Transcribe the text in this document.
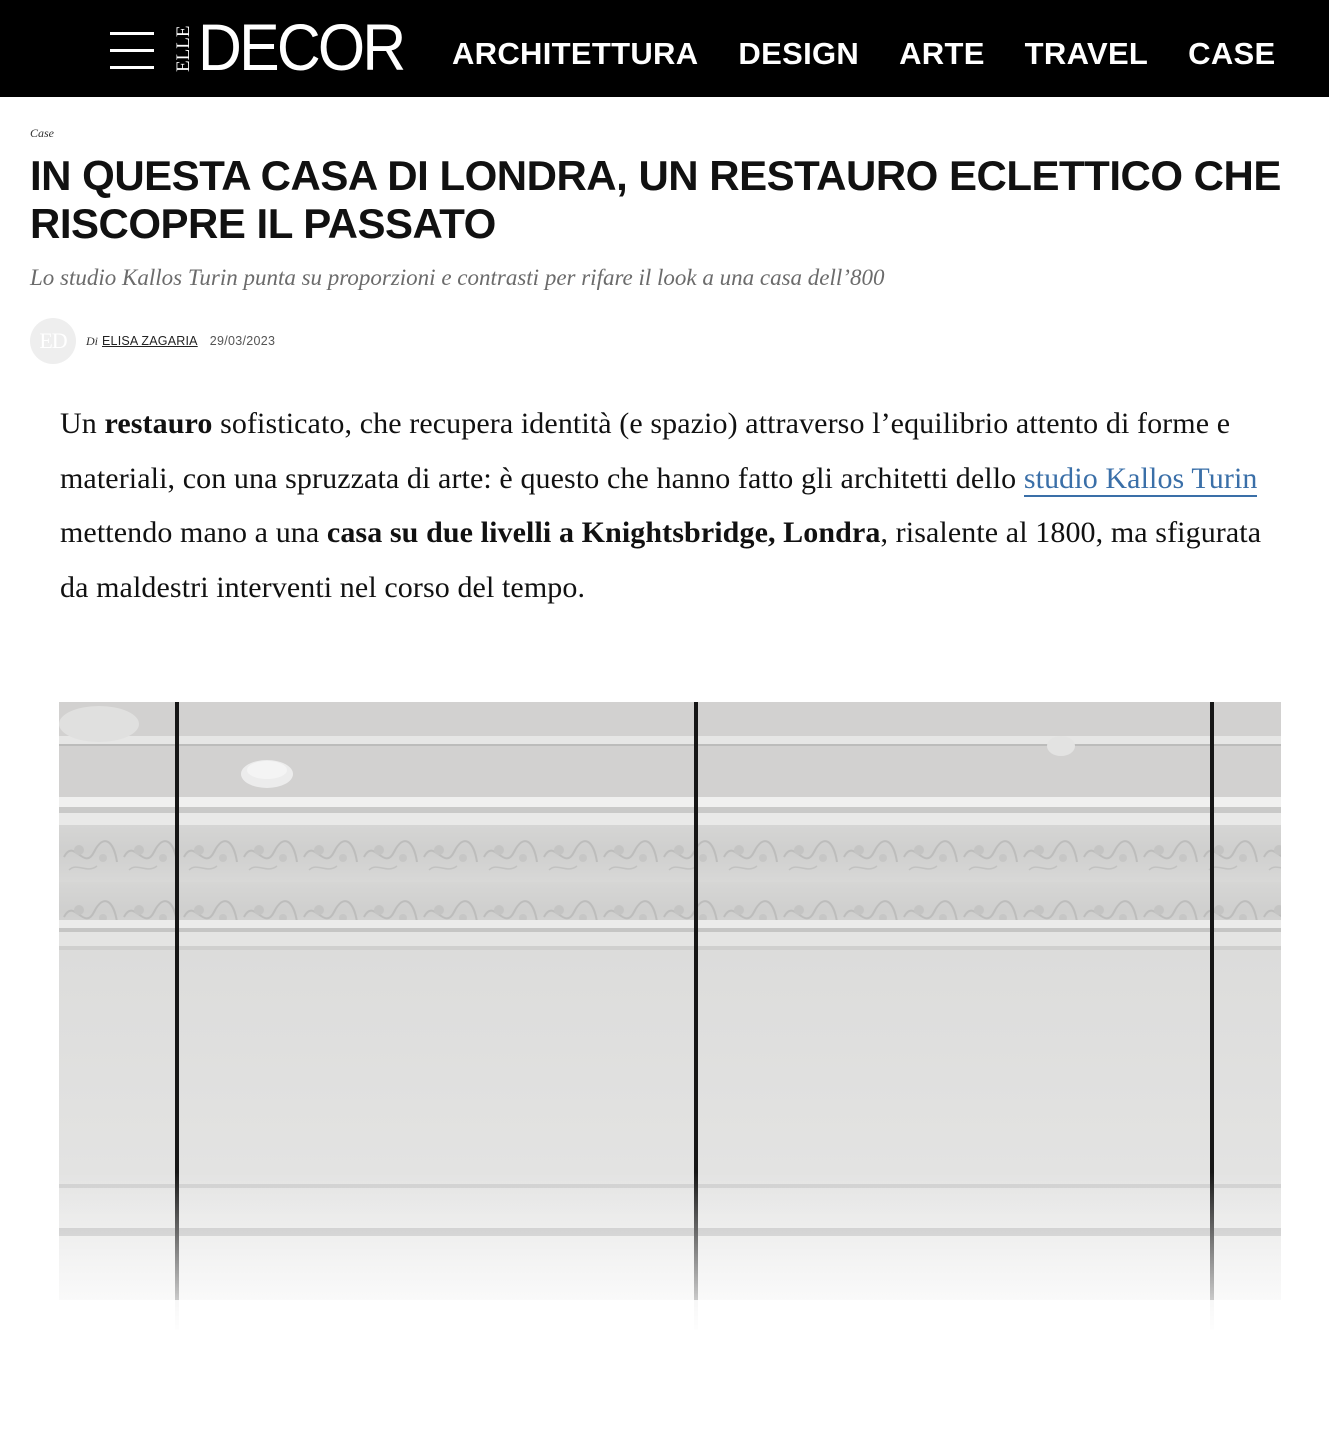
ELLE DECOR ARCHITETTURA DESIGN ARTE TRAVEL CASE
Case
IN QUESTA CASA DI LONDRA, UN RESTAURO ECLETTICO CHE RISCOPRE IL PASSATO

Lo studio Kallos Turin punta su proporzioni e contrasti per rifare il look a una casa dell’800

ED	Di ELISA ZAGARIA 29/03/2023

Un restauro sofisticato, che recupera identità (e spazio) attraverso l’equilibrio attento di forme e materiali, con una spruzzata di arte: è questo che hanno fatto gli architetti dello studio Kallos Turin mettendo mano a una casa su due livelli a Knightsbridge, Londra, risalente al 1800, ma sfigurata da maldestri interventi nel corso del tempo.
